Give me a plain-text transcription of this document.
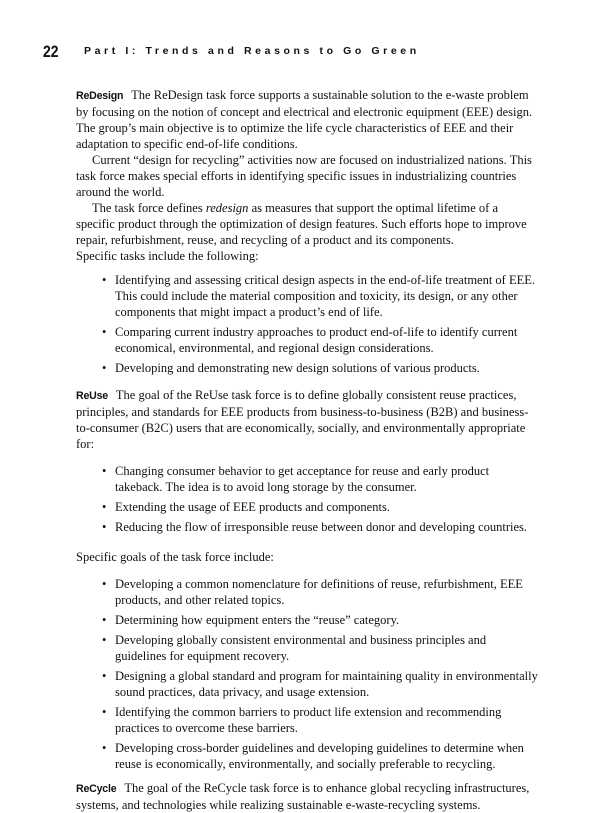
22 Part I: Trends and Reasons to Go Green

ReDesign The ReDesign task force supports a sustainable solution to the e-waste problem by focusing on the notion of concept and electrical and electronic equipment (EEE) design. The group’s main objective is to optimize the life cycle characteristics of EEE and their adaptation to specific end-of-life conditions.

Current “design for recycling” activities now are focused on industrialized nations. This task force makes special efforts in identifying specific issues in industrializing countries around the world.

The task force defines redesign as measures that support the optimal lifetime of a specific product through the optimization of design features. Such efforts hope to improve repair, refurbishment, reuse, and recycling of a product and its components.

Specific tasks include the following:

• Identifying and assessing critical design aspects in the end-of-life treatment of EEE. This could include the material composition and toxicity, its design, or any other components that might impact a product’s end of life.
• Comparing current industry approaches to product end-of-life to identify current economical, environmental, and regional design considerations.
• Developing and demonstrating new design solutions of various products.

ReUse The goal of the ReUse task force is to define globally consistent reuse practices, principles, and standards for EEE products from business-to-business (B2B) and business-to-consumer (B2C) users that are economically, socially, and environmentally appropriate for:

• Changing consumer behavior to get acceptance for reuse and early product takeback. The idea is to avoid long storage by the consumer.
• Extending the usage of EEE products and components.
• Reducing the flow of irresponsible reuse between donor and developing countries.

Specific goals of the task force include:

• Developing a common nomenclature for definitions of reuse, refurbishment, EEE products, and other related topics.
• Determining how equipment enters the “reuse” category.
• Developing globally consistent environmental and business principles and guidelines for equipment recovery.
• Designing a global standard and program for maintaining quality in environmentally sound practices, data privacy, and usage extension.
• Identifying the common barriers to product life extension and recommending practices to overcome these barriers.
• Developing cross-border guidelines and developing guidelines to determine when reuse is economically, environmentally, and socially preferable to recycling.

ReCycle The goal of the ReCycle task force is to enhance global recycling infrastructures, systems, and technologies while realizing sustainable e-waste-recycling systems.
